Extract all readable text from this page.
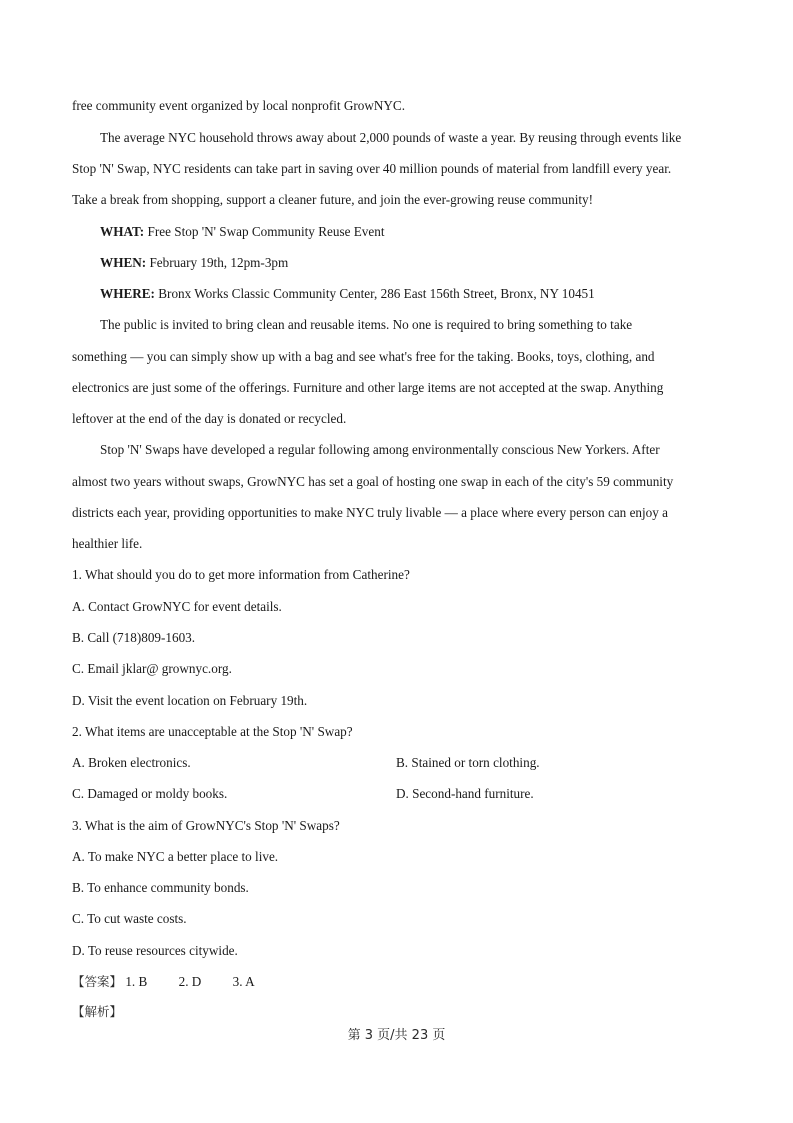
free community event organized by local nonprofit GrowNYC.
The average NYC household throws away about 2,000 pounds of waste a year. By reusing through events like
Stop 'N' Swap, NYC residents can take part in saving over 40 million pounds of material from landfill every year.
Take a break from shopping, support a cleaner future, and join the ever-growing reuse community!
WHAT: Free Stop 'N' Swap Community Reuse Event
WHEN: February 19th, 12pm-3pm
WHERE: Bronx Works Classic Community Center, 286 East 156th Street, Bronx, NY 10451
The public is invited to bring clean and reusable items. No one is required to bring something to take
something — you can simply show up with a bag and see what's free for the taking. Books, toys, clothing, and
electronics are just some of the offerings. Furniture and other large items are not accepted at the swap. Anything
leftover at the end of the day is donated or recycled.
Stop 'N' Swaps have developed a regular following among environmentally conscious New Yorkers. After
almost two years without swaps, GrowNYC has set a goal of hosting one swap in each of the city's 59 community
districts each year, providing opportunities to make NYC truly livable — a place where every person can enjoy a
healthier life.
1. What should you do to get more information from Catherine?
A. Contact GrowNYC for event details.
B. Call (718)809-1603.
C. Email jklar@ grownyc.org.
D. Visit the event location on February 19th.
2. What items are unacceptable at the Stop 'N' Swap?
A. Broken electronics.	B. Stained or torn clothing.
C. Damaged or moldy books.	D. Second-hand furniture.
3. What is the aim of GrowNYC's Stop 'N' Swaps?
A. To make NYC a better place to live.
B. To enhance community bonds.
C. To cut waste costs.
D. To reuse resources citywide.
【答案】 1. B 2. D 3. A
【解析】
第 3 页/共 23 页
